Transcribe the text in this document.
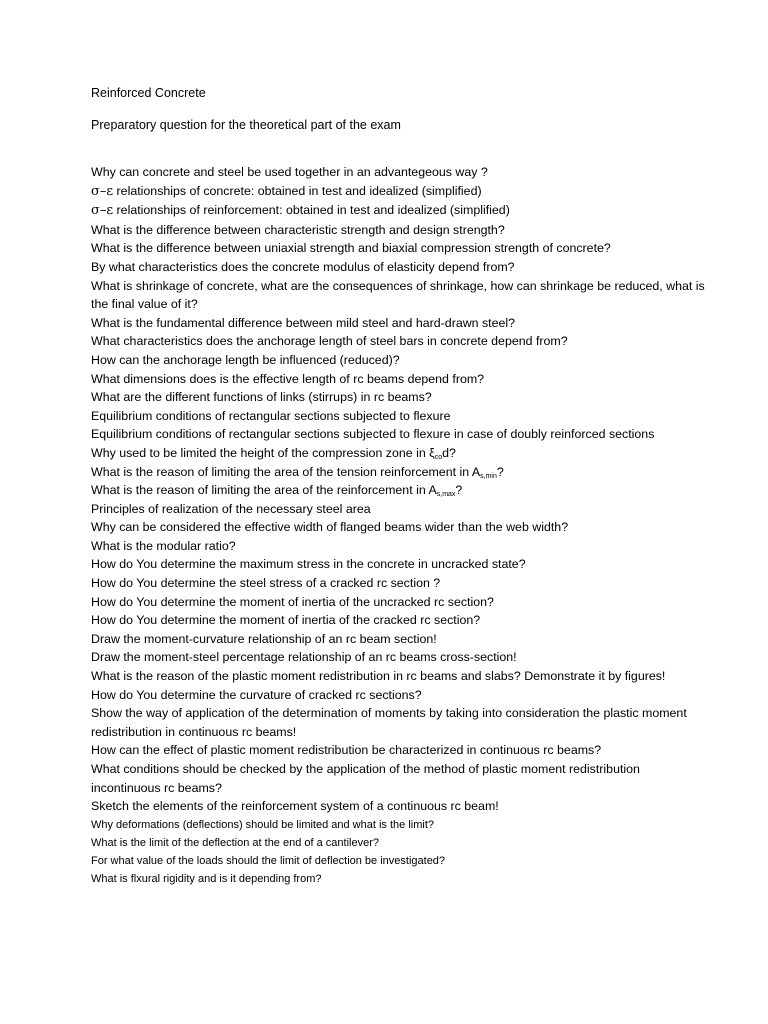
Reinforced Concrete

Preparatory question for the theoretical part of the exam

Why can concrete and steel be used together in an advantegeous way ?

σ–ε relationships of concrete: obtained in test and idealized (simplified)

σ–ε relationships of reinforcement: obtained in test and idealized (simplified)

What is the difference between characteristic strength and design strength?

What is the difference between uniaxial strength and biaxial compression strength of concrete?

By what characteristics does the concrete modulus of elasticity depend from?

What is shrinkage of concrete, what are the consequences of shrinkage, how can shrinkage be reduced, what is the final value of it?

What is the fundamental difference between mild steel and hard-drawn steel?

What characteristics does the anchorage length of steel bars in concrete depend from?

How can the anchorage length be influenced (reduced)?

What dimensions does is the effective length of rc beams depend from?

What are the different functions of links (stirrups) in rc beams?

Equilibrium conditions of rectangular sections subjected to flexure

Equilibrium conditions of rectangular sections subjected to flexure in case of doubly reinforced sections

Why used to be limited the height of the compression zone in $\xi_{co}d$?

What is the reason of limiting the area of the tension reinforcement in $A_{s,min}$?

What is the reason of limiting the area of the reinforcement in $A_{s,max}$?

Principles of realization of the necessary steel area

Why can be considered the effective width of flanged beams wider than the web width?

What is the modular ratio?

How do You determine the maximum stress in the concrete in uncracked state?

How do You determine the steel stress of a cracked rc section ?

How do You determine the moment of inertia of the uncracked rc section?

How do You determine the moment of inertia of the cracked rc section?

Draw the moment-curvature relationship of an rc beam section!

Draw the moment-steel percentage relationship of an rc beams cross-section!

What is the reason of the plastic moment redistribution in rc beams and slabs? Demonstrate it by figures!

How do You determine the curvature of cracked rc sections?

Show the way of application of the determination of moments by taking into consideration the plastic moment redistribution in continuous rc beams!

How can the effect of plastic moment redistribution be characterized in continuous rc beams?

What conditions should be checked by the application of the method of plastic moment redistribution incontinuous rc beams?

Sketch the elements of the reinforcement system of a continuous rc beam!

Why deformations (deflections) should be limited and what is the limit?

What is the limit of the deflection at the end of a cantilever?

For what value of the loads should the limit of deflection be investigated?

What is flxural rigidity and is it depending from?
